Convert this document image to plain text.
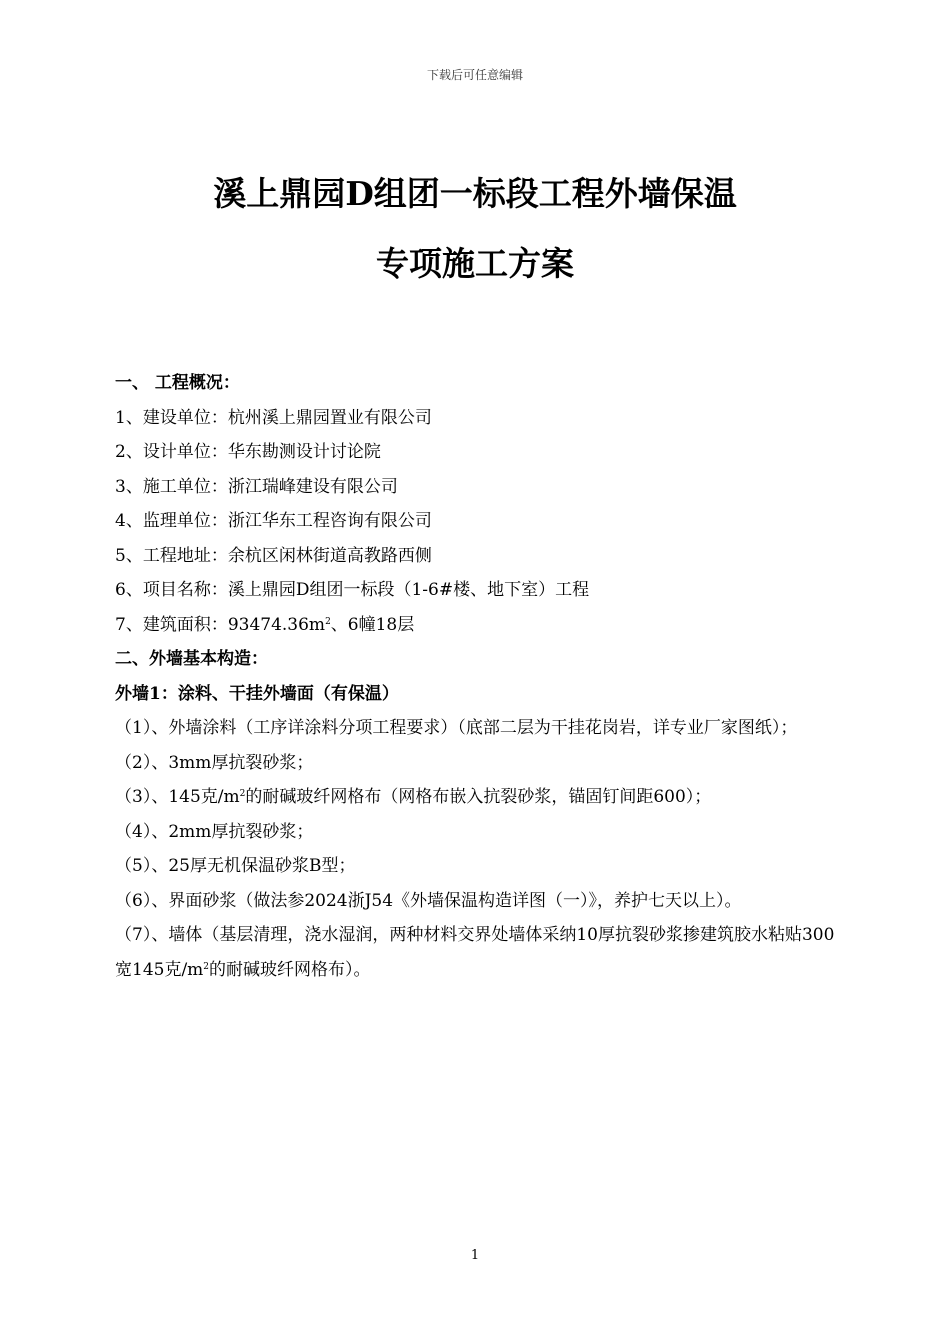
下载后可任意编辑
溪上鼎园D组团一标段工程外墙保温
专项施工方案
一、 工程概况：
1、建设单位：杭州溪上鼎园置业有限公司
2、设计单位：华东勘测设计讨论院
3、施工单位：浙江瑞峰建设有限公司
4、监理单位：浙江华东工程咨询有限公司
5、工程地址：余杭区闲林街道高教路西侧
6、项目名称：溪上鼎园D组团一标段（1-6#楼、地下室）工程
7、建筑面积：$93474.36m^2$、6幢18层
二、外墙基本构造：
外墙1：涂料、干挂外墙面（有保温）
（1）、外墙涂料（工序详涂料分项工程要求）（底部二层为干挂花岗岩，详专业厂家图纸）；
（2）、3mm厚抗裂砂浆；
（3）、145克$/m^2$的耐碱玻纤网格布（网格布嵌入抗裂砂浆，锚固钉间距600）；
（4）、2mm厚抗裂砂浆；
（5）、25厚无机保温砂浆B型；
（6）、界面砂浆（做法参2024浙J54《外墙保温构造详图（一）》，养护七天以上）。
（7）、墙体（基层清理，浇水湿润，两种材料交界处墙体采纳10厚抗裂砂浆掺建筑胶水粘贴300宽145克$/m^2$的耐碱玻纤网格布）。
1
